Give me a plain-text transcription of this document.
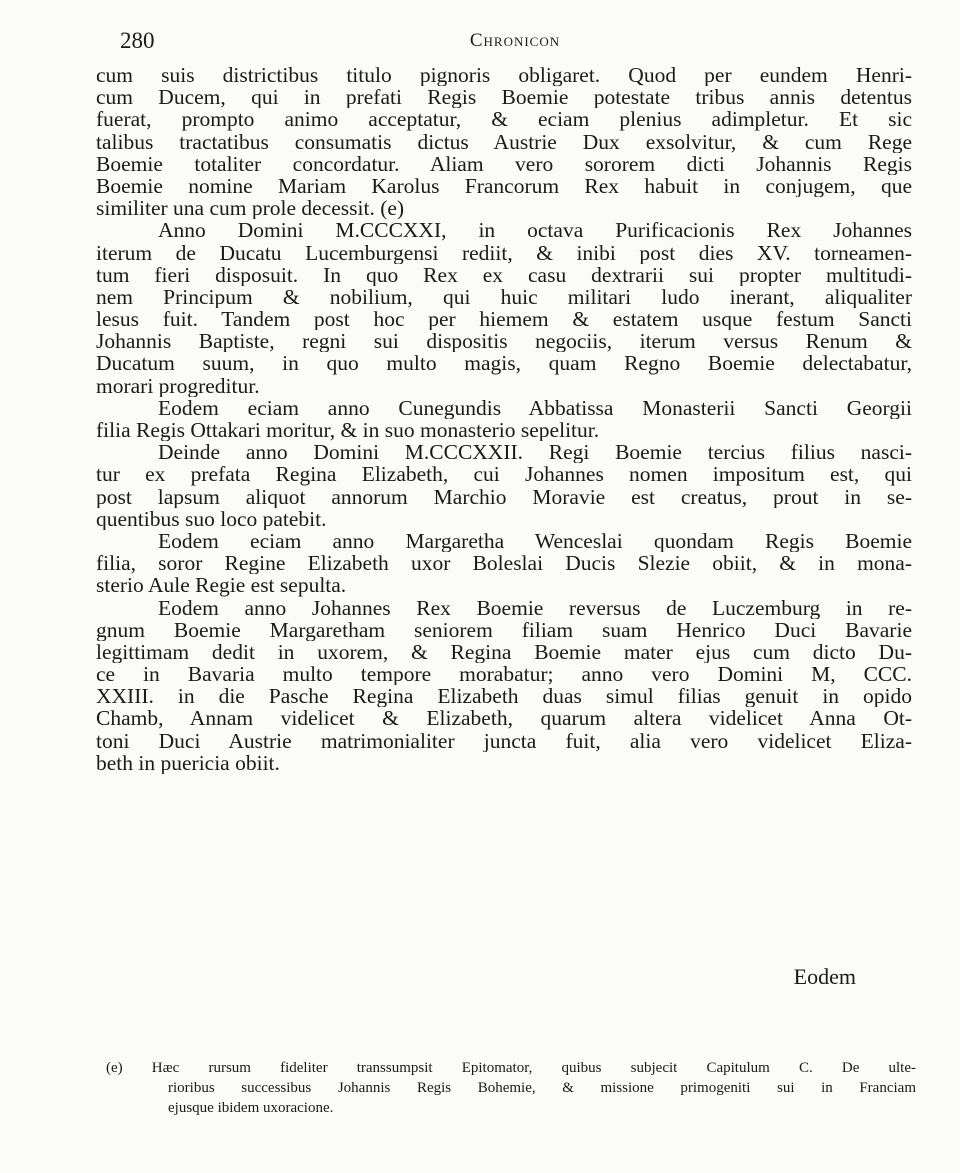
280	Chronicon
cum suis districtibus titulo pignoris obligaret. Quod per eundem Henri-
cum Ducem, qui in prefati Regis Boemie potestate tribus annis detentus
fuerat, prompto animo acceptatur, & eciam plenius adimpletur. Et sic
talibus tractatibus consumatis dictus Austrie Dux exsolvitur, & cum Rege
Boemie totaliter concordatur. Aliam vero sororem dicti Johannis Regis
Boemie nomine Mariam Karolus Francorum Rex habuit in conjugem, que
similiter una cum prole decessit. (e)
Anno Domini M.CCCXXI, in octava Purificacionis Rex Johannes
iterum de Ducatu Lucemburgensi rediit, & inibi post dies XV. torneamen-
tum fieri disposuit. In quo Rex ex casu dextrarii sui propter multitudi-
nem Principum & nobilium, qui huic militari ludo inerant, aliqualiter
lesus fuit. Tandem post hoc per hiemem & estatem usque festum Sancti
Johannis Baptiste, regni sui dispositis negociis, iterum versus Renum &
Ducatum suum, in quo multo magis, quam Regno Boemie delectabatur,
morari progreditur.
Eodem eciam anno Cunegundis Abbatissa Monasterii Sancti Georgii
filia Regis Ottakari moritur, & in suo monasterio sepelitur.
Deinde anno Domini M.CCCXXII. Regi Boemie tercius filius nasci-
tur ex prefata Regina Elizabeth, cui Johannes nomen impositum est, qui
post lapsum aliquot annorum Marchio Moravie est creatus, prout in se-
quentibus suo loco patebit.
Eodem eciam anno Margaretha Wenceslai quondam Regis Boemie
filia, soror Regine Elizabeth uxor Boleslai Ducis Slezie obiit, & in mona-
sterio Aule Regie est sepulta.
Eodem anno Johannes Rex Boemie reversus de Luczemburg in re-
gnum Boemie Margaretham seniorem filiam suam Henrico Duci Bavarie
legittimam dedit in uxorem, & Regina Boemie mater ejus cum dicto Du-
ce in Bavaria multo tempore morabatur; anno vero Domini M, CCC.
XXIII. in die Pasche Regina Elizabeth duas simul filias genuit in opido
Chamb, Annam videlicet & Elizabeth, quarum altera videlicet Anna Ot-
toni Duci Austrie matrimonialiter juncta fuit, alia vero videlicet Eliza-
beth in puericia obiit.
Eodem
(e) Hæc rursum fideliter transsumpsit Epitomator, quibus subjecit Capitulum C. De ulte-
rioribus successibus Johannis Regis Bohemie, & missione primogeniti sui in Franciam
ejusque ibidem uxoracione.
